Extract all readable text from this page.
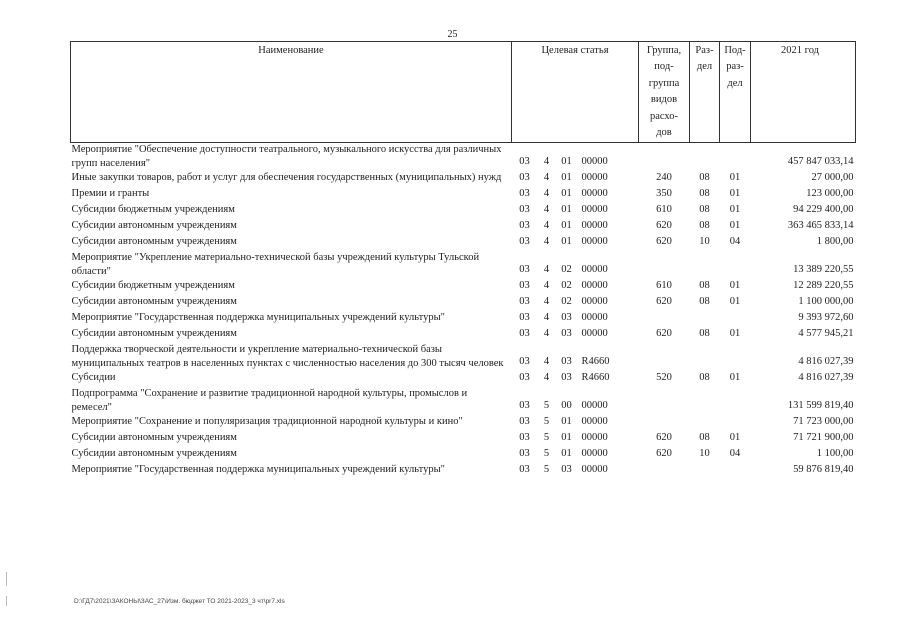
25
Наименование	Целевая статья				Группа, под- группа видов расхо- дов	Раз- дел	Под- раз- дел	2021 год
Мероприятие "Обеспечение доступности театрального, музыкального искусства для различных групп населения"	03	4	01	00000				457 847 033,14
Иные закупки товаров, работ и услуг для обеспечения государственных (муниципальных) нужд	03	4	01	00000	240	08	01	27 000,00
Премии и гранты	03	4	01	00000	350	08	01	123 000,00
Субсидии бюджетным учреждениям	03	4	01	00000	610	08	01	94 229 400,00
Субсидии автономным учреждениям	03	4	01	00000	620	08	01	363 465 833,14
Субсидии автономным учреждениям	03	4	01	00000	620	10	04	1 800,00
Мероприятие "Укрепление материально-технической базы учреждений культуры Тульской области"	03	4	02	00000				13 389 220,55
Субсидии бюджетным учреждениям	03	4	02	00000	610	08	01	12 289 220,55
Субсидии автономным учреждениям	03	4	02	00000	620	08	01	1 100 000,00
Мероприятие "Государственная поддержка муниципальных учреждений культуры"	03	4	03	00000				9 393 972,60
Субсидии автономным учреждениям	03	4	03	00000	620	08	01	4 577 945,21
Поддержка творческой деятельности и укрепление материально-технической базы муниципальных театров в населенных пунктах с численностью населения до 300 тысяч человек	03	4	03	R4660				4 816 027,39
Субсидии	03	4	03	R4660	520	08	01	4 816 027,39
Подпрограмма "Сохранение и развитие традиционной народной культуры, промыслов и ремесел"	03	5	00	00000				131 599 819,40
Мероприятие "Сохранение и популяризация традиционной народной культуры и кино"	03	5	01	00000				71 723 000,00
Субсидии автономным учреждениям	03	5	01	00000	620	08	01	71 721 900,00
Субсидии автономным учреждениям	03	5	01	00000	620	10	04	1 100,00
Мероприятие "Государственная поддержка муниципальных учреждений культуры"	03	5	03	00000				59 876 819,40
D:\ГД7\2021\ЗАКОНЫ\ЗАС_27\Изм. бюджет ТО 2021-2023_3 чт\pr7.xls
